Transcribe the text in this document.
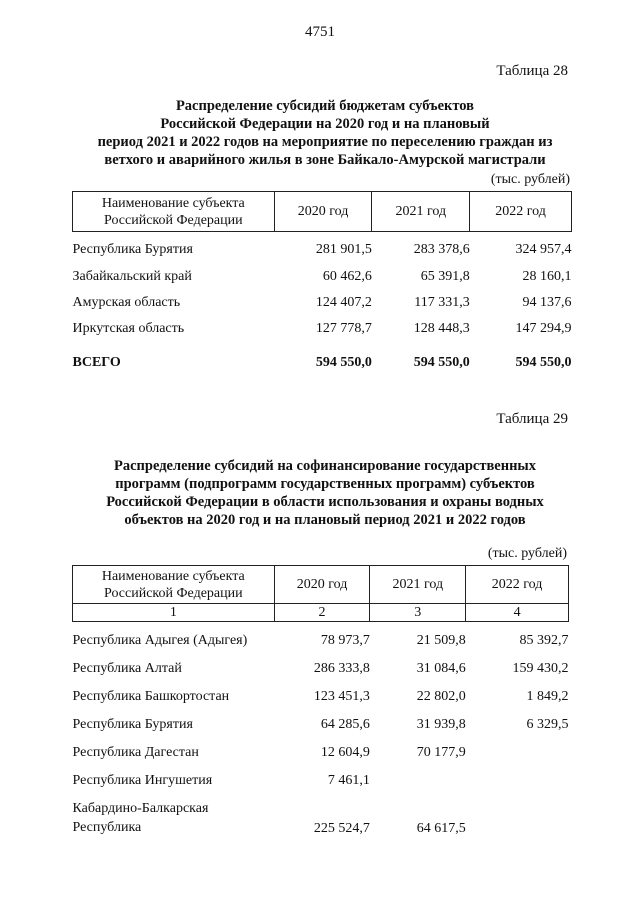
4751
Таблица 28
Распределение субсидий бюджетам субъектов
Российской Федерации на 2020 год и на плановый
период 2021 и 2022 годов на мероприятие по переселению граждан из
ветхого и аварийного жилья в зоне Байкало-Амурской магистрали
(тыс. рублей)
Наименование субъекта Российской Федерации	2020 год	2021 год	2022 год
Республика Бурятия	281 901,5	283 378,6	324 957,4
Забайкальский край	60 462,6	65 391,8	28 160,1
Амурская область	124 407,2	117 331,3	94 137,6
Иркутская область	127 778,7	128 448,3	147 294,9
ВСЕГО	594 550,0	594 550,0	594 550,0
Таблица 29
Распределение субсидий на софинансирование государственных
программ (подпрограмм государственных программ) субъектов
Российской Федерации в области использования и охраны водных
объектов на 2020 год и на плановый период 2021 и 2022 годов
(тыс. рублей)
Наименование субъекта Российской Федерации	2020 год	2021 год	2022 год
1	2	3	4
Республика Адыгея (Адыгея)	78 973,7	21 509,8	85 392,7
Республика Алтай	286 333,8	31 084,6	159 430,2
Республика Башкортостан	123 451,3	22 802,0	1 849,2
Республика Бурятия	64 285,6	31 939,8	6 329,5
Республика Дагестан	12 604,9	70 177,9	
Республика Ингушетия	7 461,1		

Кабардино-Балкарская
Республика	225 524,7	64 617,5	
